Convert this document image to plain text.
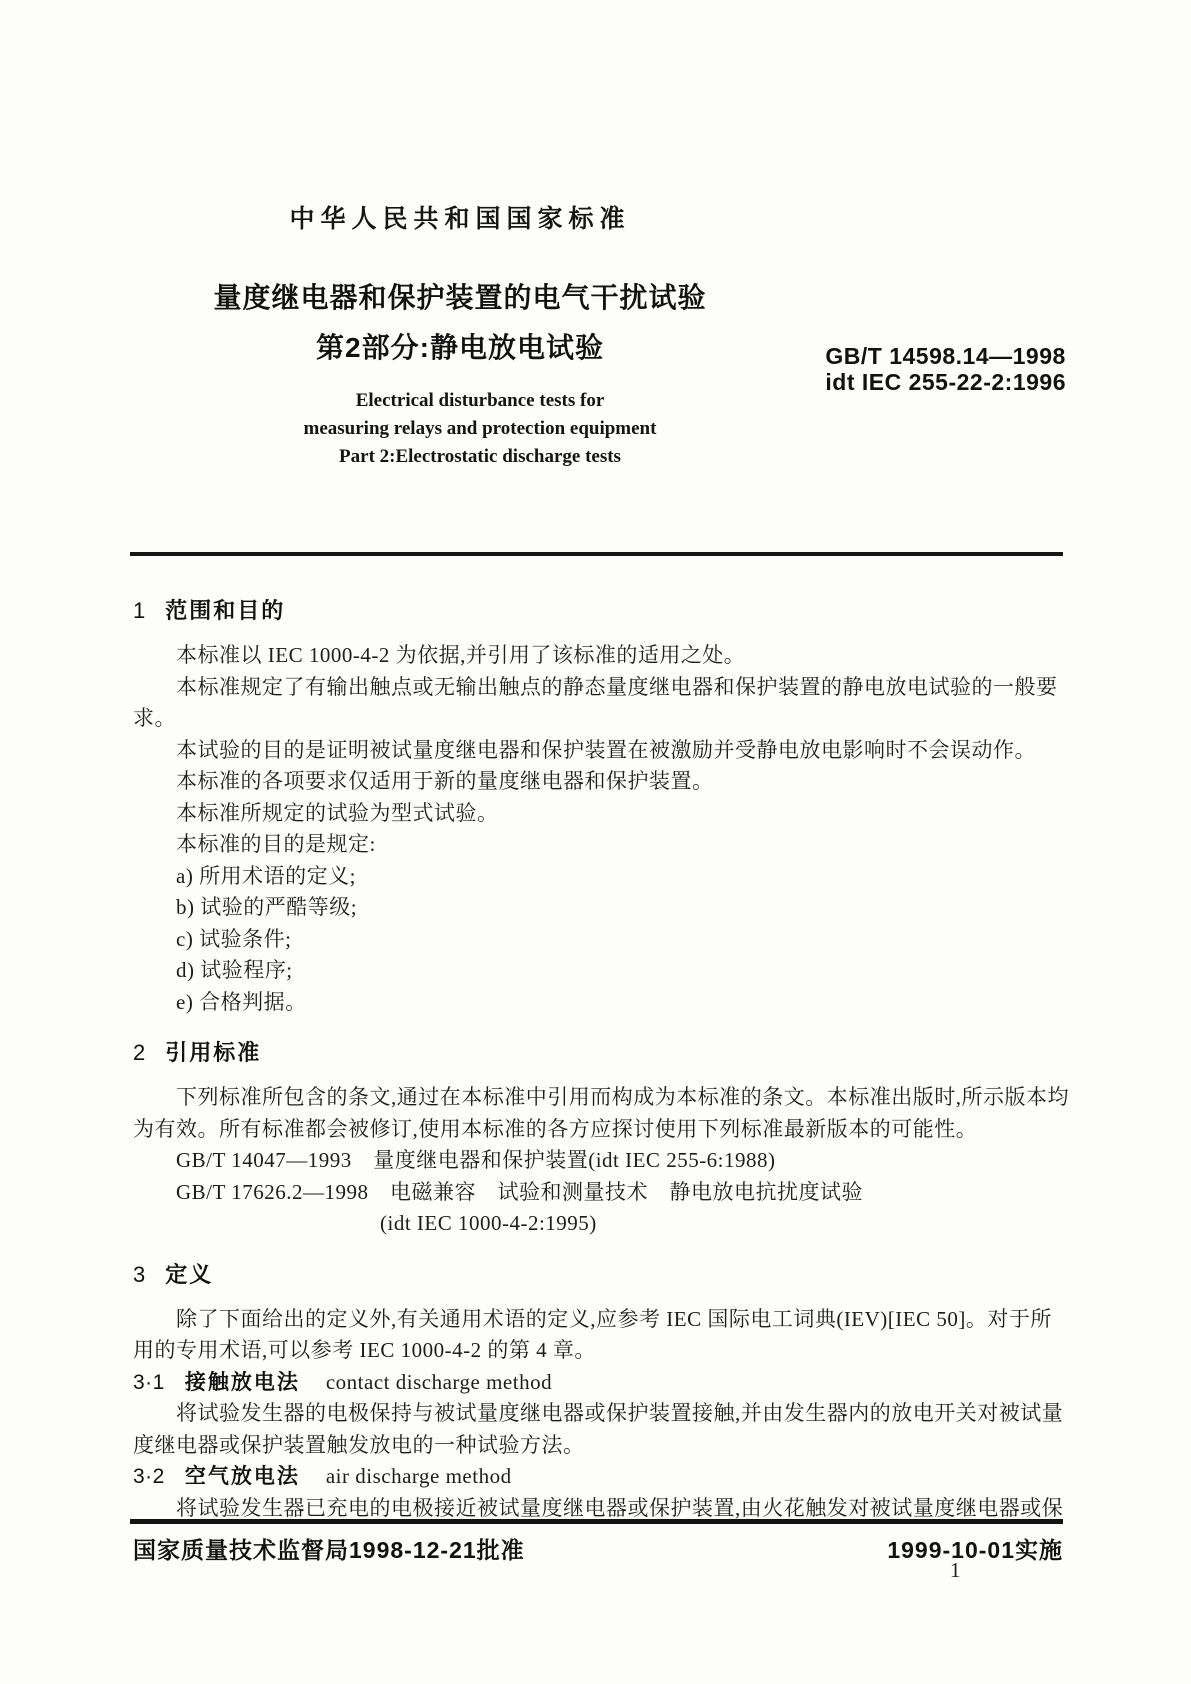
中华人民共和国国家标准
量度继电器和保护装置的电气干扰试验
第2部分:静电放电试验	GB/T 14598.14—1998
idt IEC 255-22-2:1996
Electrical disturbance tests for
measuring relays and protection equipment
Part 2:Electrostatic discharge tests
1 范围和目的
本标准以 IEC 1000-4-2 为依据,并引用了该标准的适用之处。
本标准规定了有输出触点或无输出触点的静态量度继电器和保护装置的静电放电试验的一般要
求。
本试验的目的是证明被试量度继电器和保护装置在被激励并受静电放电影响时不会误动作。
本标准的各项要求仅适用于新的量度继电器和保护装置。
本标准所规定的试验为型式试验。
本标准的目的是规定:
a) 所用术语的定义;
b) 试验的严酷等级;
c) 试验条件;
d) 试验程序;
e) 合格判据。
2 引用标准
下列标准所包含的条文,通过在本标准中引用而构成为本标准的条文。本标准出版时,所示版本均
为有效。所有标准都会被修订,使用本标准的各方应探讨使用下列标准最新版本的可能性。
GB/T 14047—1993　量度继电器和保护装置(idt IEC 255-6:1988)
GB/T 17626.2—1998　电磁兼容　试验和测量技术　静电放电抗扰度试验
(idt IEC 1000-4-2:1995)
3 定义
除了下面给出的定义外,有关通用术语的定义,应参考 IEC 国际电工词典(IEV)[IEC 50]。对于所
用的专用术语,可以参考 IEC 1000-4-2 的第 4 章。
3·1 接触放电法 contact discharge method
将试验发生器的电极保持与被试量度继电器或保护装置接触,并由发生器内的放电开关对被试量
度继电器或保护装置触发放电的一种试验方法。
3·2 空气放电法 air discharge method
将试验发生器已充电的电极接近被试量度继电器或保护装置,由火花触发对被试量度继电器或保
国家质量技术监督局1998-12-21批准	1999-10-01实施
1
